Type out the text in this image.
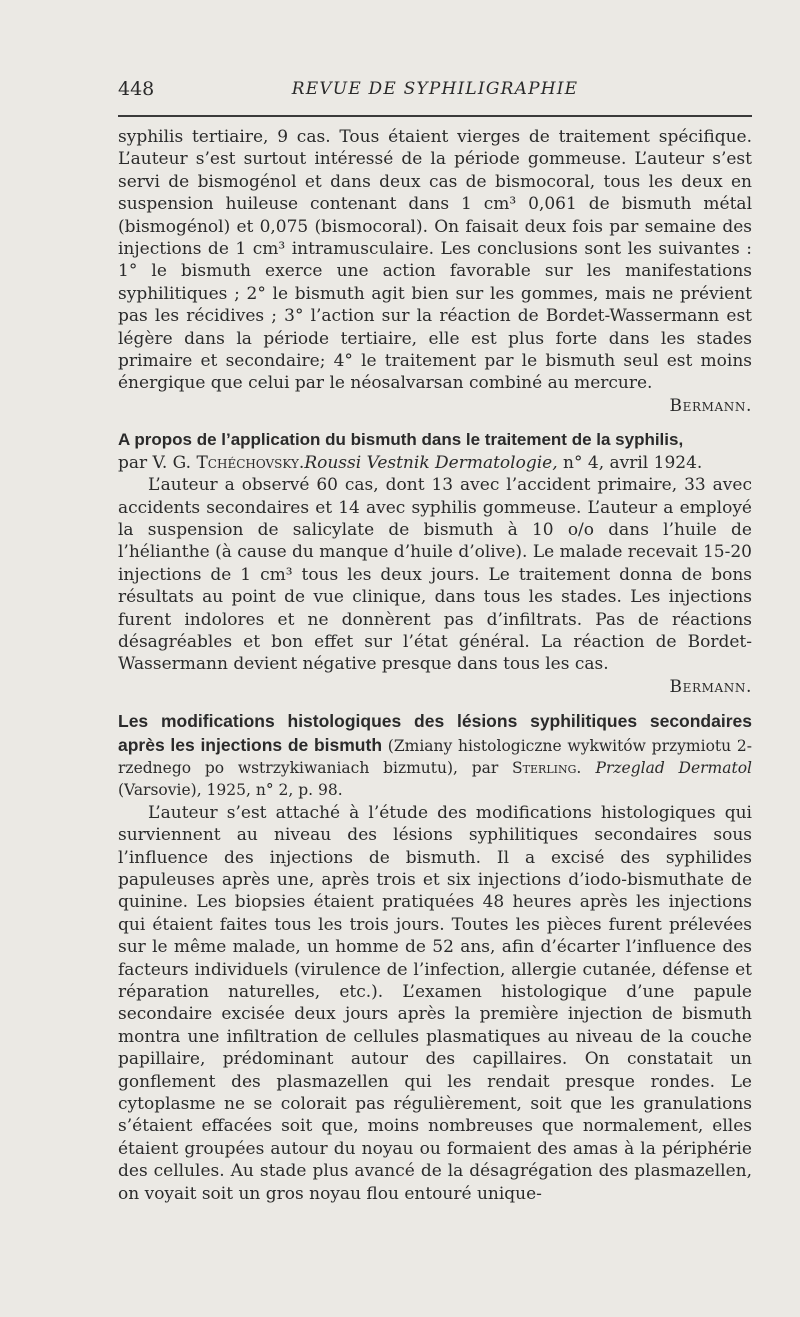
448	REVUE DE SYPHILIGRAPHIE

syphilis tertiaire, 9 cas. Tous étaient vierges de traitement spécifique. L’auteur s’est surtout intéressé de la période gommeuse. L’auteur s’est servi de bismogénol et dans deux cas de bismocoral, tous les deux en suspension huileuse contenant dans 1 cm³ 0,061 de bismuth métal (bismogénol) et 0,075 (bismocoral). On faisait deux fois par semaine des injections de 1 cm³ intramusculaire. Les conclusions sont les suivantes : 1° le bismuth exerce une action favorable sur les manifestations syphilitiques ; 2° le bismuth agit bien sur les gommes, mais ne prévient pas les récidives ; 3° l’action sur la réaction de Bordet-Wassermann est légère dans la période tertiaire, elle est plus forte dans les stades primaire et secondaire; 4° le traitement par le bismuth seul est moins énergique que celui par le néosalvarsan combiné au mercure.

Bermann.

A propos de l’application du bismuth dans le traitement de la syphilis,

par V. G. Tchéchovsky.Roussi Vestnik Dermatologie, n° 4, avril 1924.

L’auteur a observé 60 cas, dont 13 avec l’accident primaire, 33 avec accidents secondaires et 14 avec syphilis gommeuse. L’auteur a employé la suspension de salicylate de bismuth à 10 o/o dans l’huile de l’hélianthe (à cause du manque d’huile d’olive). Le malade recevait 15-20 injections de 1 cm³ tous les deux jours. Le traitement donna de bons résultats au point de vue clinique, dans tous les stades. Les injections furent indolores et ne donnèrent pas d’infiltrats. Pas de réactions désagréables et bon effet sur l’état général. La réaction de Bordet-Wassermann devient négative presque dans tous les cas.

Bermann.

Les modifications histologiques des lésions syphilitiques secondaires après les injections de bismuth (Zmiany histologiczne wykwitów przymiotu 2-rzednego po wstrzykiwaniach bizmutu), par Sterling. Przeglad Dermatol (Varsovie), 1925, n° 2, p. 98.

L’auteur s’est attaché à l’étude des modifications histologiques qui surviennent au niveau des lésions syphilitiques secondaires sous l’influence des injections de bismuth. Il a excisé des syphilides papuleuses après une, après trois et six injections d’iodo-bismuthate de quinine. Les biopsies étaient pratiquées 48 heures après les injections qui étaient faites tous les trois jours. Toutes les pièces furent prélevées sur le même malade, un homme de 52 ans, afin d’écarter l’influence des facteurs individuels (virulence de l’infection, allergie cutanée, défense et réparation naturelles, etc.). L’examen histologique d’une papule secondaire excisée deux jours après la première injection de bismuth montra une infiltration de cellules plasmatiques au niveau de la couche papillaire, prédominant autour des capillaires. On constatait un gonflement des plasmazellen qui les rendait presque rondes. Le cytoplasme ne se colorait pas régulièrement, soit que les granulations s’étaient effacées soit que, moins nombreuses que normalement, elles étaient groupées autour du noyau ou formaient des amas à la périphérie des cellules. Au stade plus avancé de la désagrégation des plasmazellen, on voyait soit un gros noyau flou entouré unique-
